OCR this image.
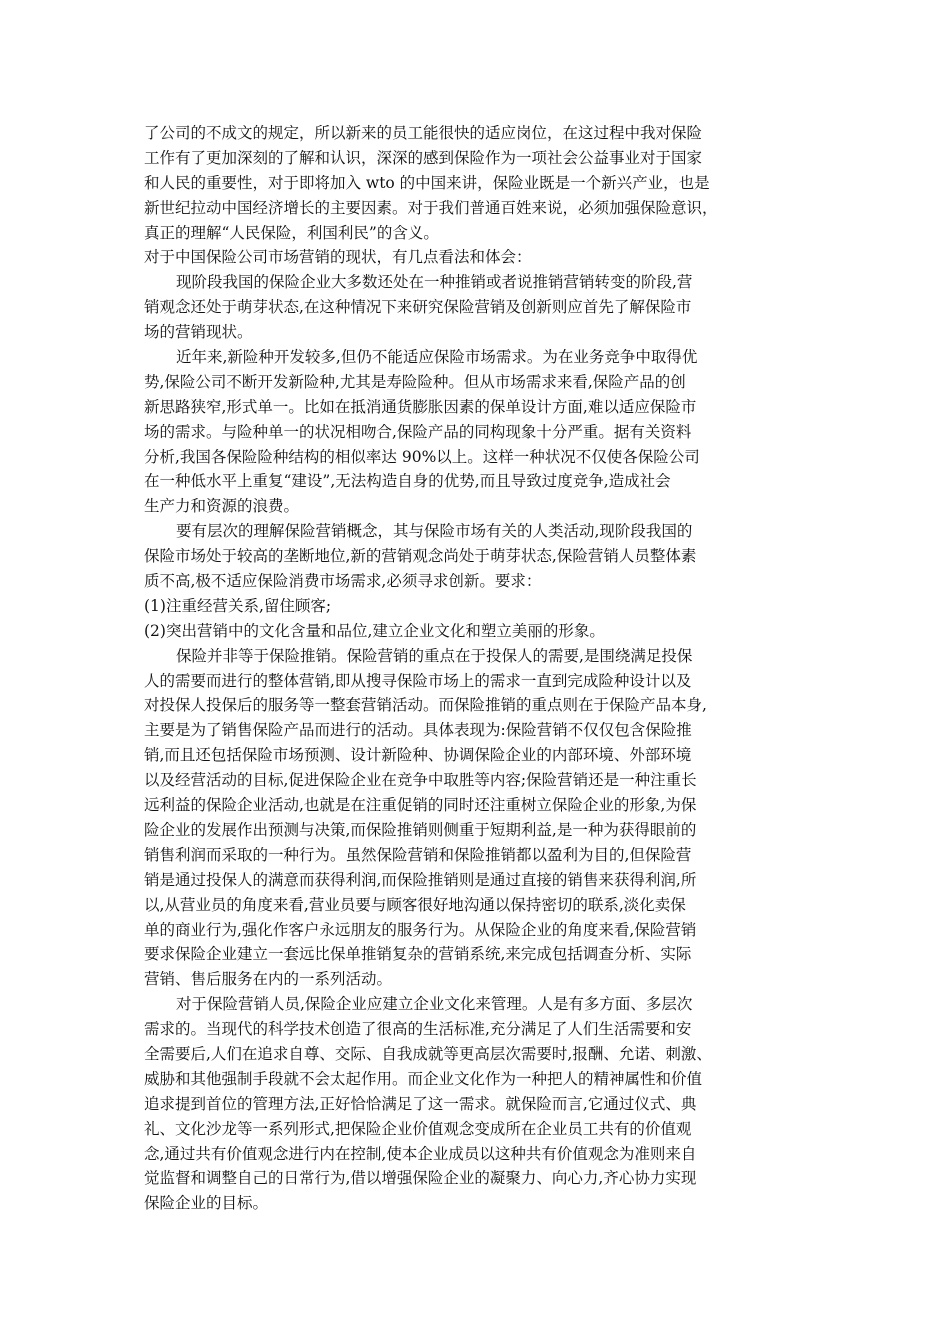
了公司的不成文的规定，所以新来的员工能很快的适应岗位，在这过程中我对保险
工作有了更加深刻的了解和认识，深深的感到保险作为一项社会公益事业对于国家
和人民的重要性，对于即将加入 wto 的中国来讲，保险业既是一个新兴产业，也是
新世纪拉动中国经济增长的主要因素。对于我们普通百姓来说，必须加强保险意识，
真正的理解“人民保险，利国利民”的含义。
对于中国保险公司市场营销的现状，有几点看法和体会：
现阶段我国的保险企业大多数还处在一种推销或者说推销营销转变的阶段,营
销观念还处于萌芽状态,在这种情况下来研究保险营销及创新则应首先了解保险市
场的营销现状。
近年来,新险种开发较多,但仍不能适应保险市场需求。为在业务竞争中取得优
势,保险公司不断开发新险种,尤其是寿险险种。但从市场需求来看,保险产品的创
新思路狭窄,形式单一。比如在抵消通货膨胀因素的保单设计方面,难以适应保险市
场的需求。与险种单一的状况相吻合,保险产品的同构现象十分严重。据有关资料
分析,我国各保险险种结构的相似率达 90%以上。这样一种状况不仅使各保险公司
在一种低水平上重复“建设”,无法构造自身的优势,而且导致过度竞争,造成社会
生产力和资源的浪费。
要有层次的理解保险营销概念，其与保险市场有关的人类活动,现阶段我国的
保险市场处于较高的垄断地位,新的营销观念尚处于萌芽状态,保险营销人员整体素
质不高,极不适应保险消费市场需求,必须寻求创新。要求：
(1)注重经营关系,留住顾客;
(2)突出营销中的文化含量和品位,建立企业文化和塑立美丽的形象。
保险并非等于保险推销。保险营销的重点在于投保人的需要,是围绕满足投保
人的需要而进行的整体营销,即从搜寻保险市场上的需求一直到完成险种设计以及
对投保人投保后的服务等一整套营销活动。而保险推销的重点则在于保险产品本身,
主要是为了销售保险产品而进行的活动。具体表现为:保险营销不仅仅包含保险推
销,而且还包括保险市场预测、设计新险种、协调保险企业的内部环境、外部环境
以及经营活动的目标,促进保险企业在竞争中取胜等内容;保险营销还是一种注重长
远利益的保险企业活动,也就是在注重促销的同时还注重树立保险企业的形象,为保
险企业的发展作出预测与决策,而保险推销则侧重于短期利益,是一种为获得眼前的
销售利润而采取的一种行为。虽然保险营销和保险推销都以盈利为目的,但保险营
销是通过投保人的满意而获得利润,而保险推销则是通过直接的销售来获得利润,所
以,从营业员的角度来看,营业员要与顾客很好地沟通以保持密切的联系,淡化卖保
单的商业行为,强化作客户永远朋友的服务行为。从保险企业的角度来看,保险营销
要求保险企业建立一套远比保单推销复杂的营销系统,来完成包括调查分析、实际
营销、售后服务在内的一系列活动。
对于保险营销人员,保险企业应建立企业文化来管理。人是有多方面、多层次
需求的。当现代的科学技术创造了很高的生活标准,充分满足了人们生活需要和安
全需要后,人们在追求自尊、交际、自我成就等更高层次需要时,报酬、允诺、刺激、
威胁和其他强制手段就不会太起作用。而企业文化作为一种把人的精神属性和价值
追求提到首位的管理方法,正好恰恰满足了这一需求。就保险而言,它通过仪式、典
礼、文化沙龙等一系列形式,把保险企业价值观念变成所在企业员工共有的价值观
念,通过共有价值观念进行内在控制,使本企业成员以这种共有价值观念为准则来自
觉监督和调整自己的日常行为,借以增强保险企业的凝聚力、向心力,齐心协力实现
保险企业的目标。
